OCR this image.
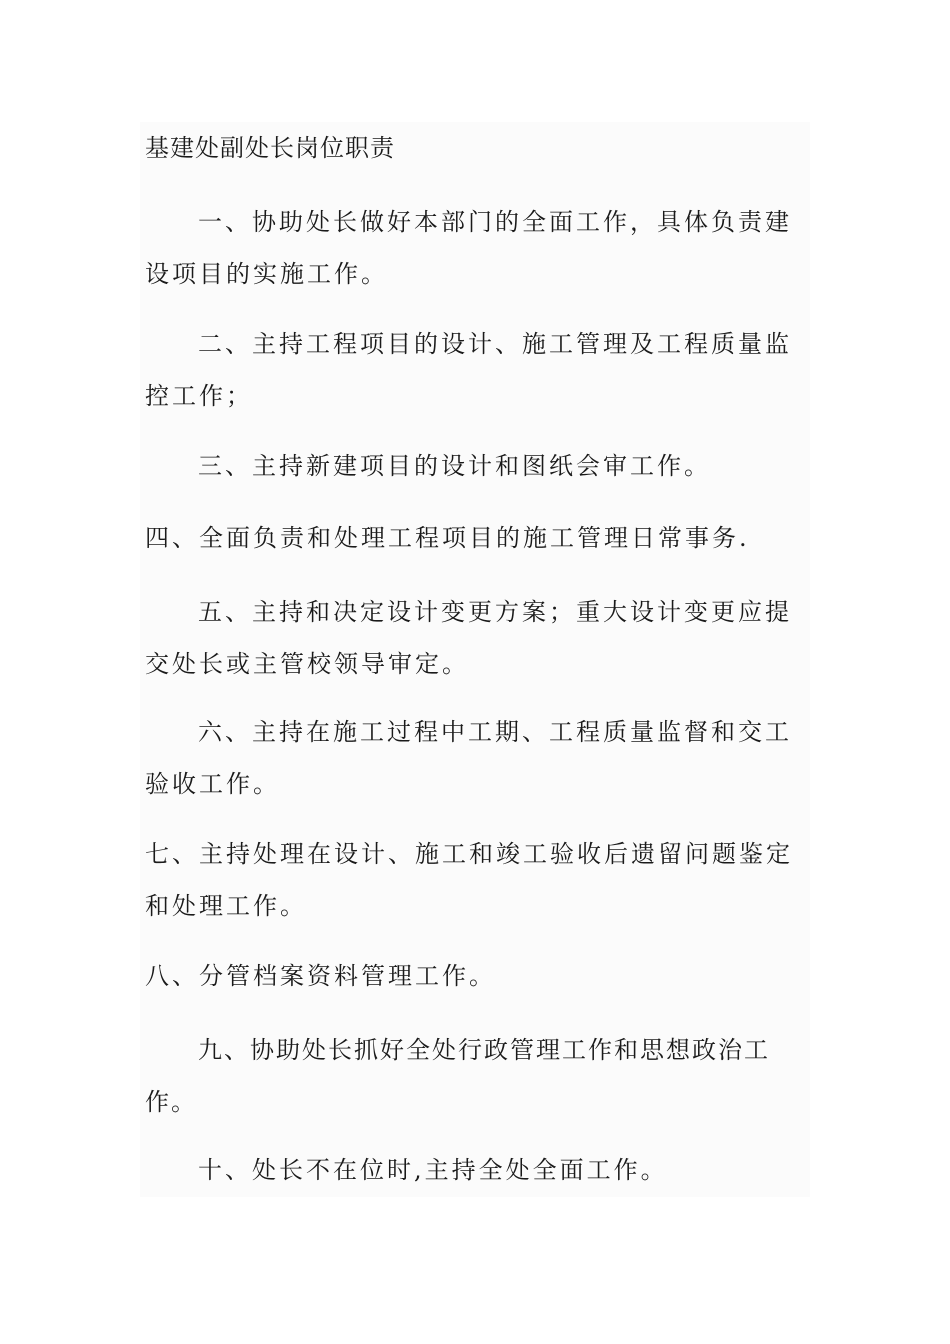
基建处副处长岗位职责

一、协助处长做好本部门的全面工作，具体负责建设项目的实施工作。

二、主持工程项目的设计、施工管理及工程质量监控工作；

三、主持新建项目的设计和图纸会审工作。

四、全面负责和处理工程项目的施工管理日常事务.

五、主持和决定设计变更方案；重大设计变更应提交处长或主管校领导审定。

六、主持在施工过程中工期、工程质量监督和交工验收工作。

七、主持处理在设计、施工和竣工验收后遗留问题鉴定和处理工作。

八、分管档案资料管理工作。

九、协助处长抓好全处行政管理工作和思想政治工作。

十、处长不在位时,主持全处全面工作。
